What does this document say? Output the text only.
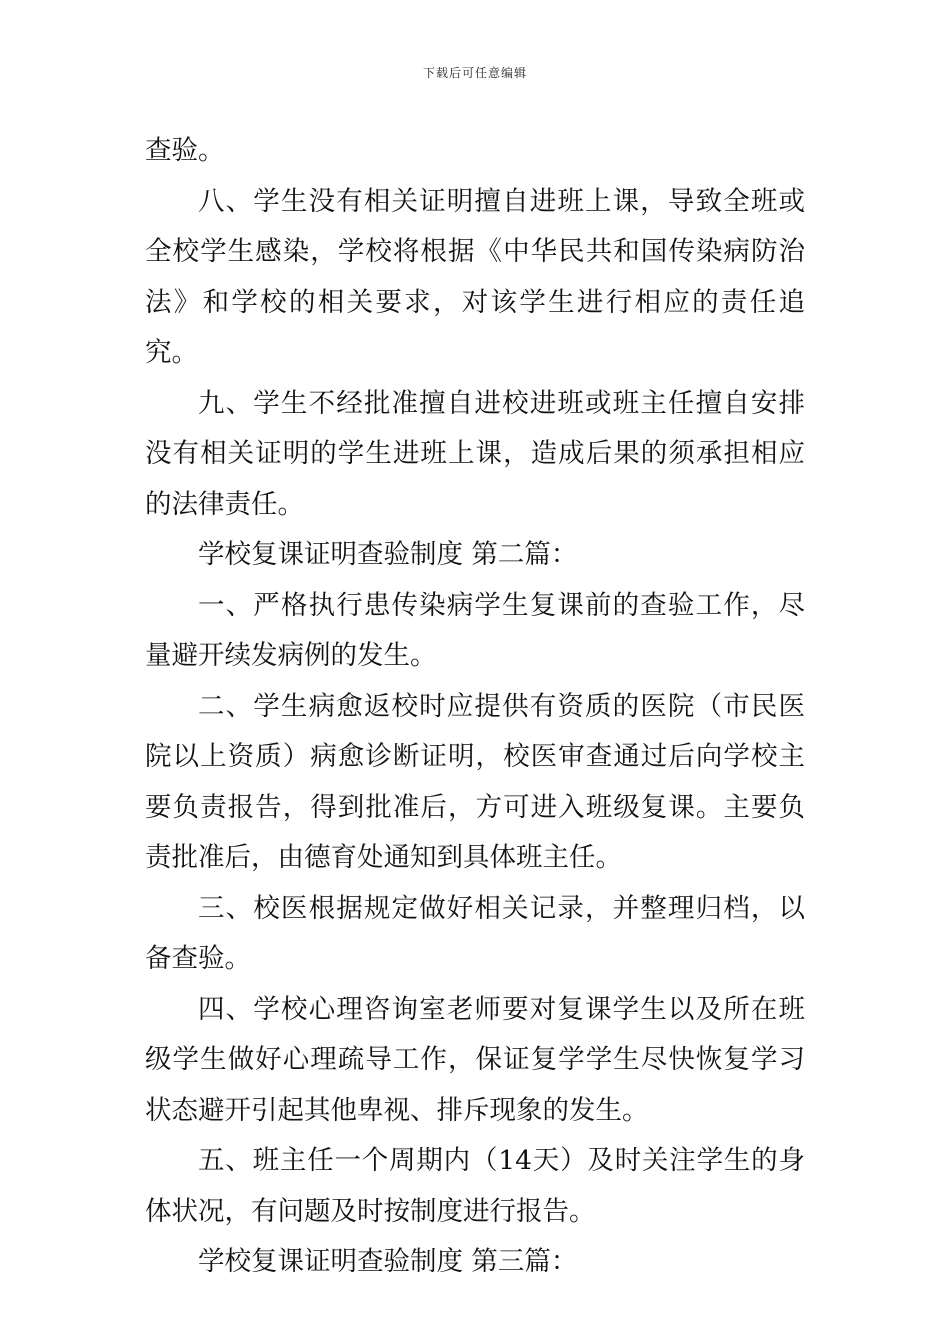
下载后可任意编辑

查验。

八、学生没有相关证明擅自进班上课，导致全班或全校学生感染，学校将根据《中华民共和国传染病防治法》和学校的相关要求，对该学生进行相应的责任追究。

九、学生不经批准擅自进校进班或班主任擅自安排没有相关证明的学生进班上课，造成后果的须承担相应的法律责任。

学校复课证明查验制度 第二篇：

一、严格执行患传染病学生复课前的查验工作，尽量避开续发病例的发生。

二、学生病愈返校时应提供有资质的医院（市民医院以上资质）病愈诊断证明，校医审查通过后向学校主要负责报告，得到批准后，方可进入班级复课。主要负责批准后，由德育处通知到具体班主任。

三、校医根据规定做好相关记录，并整理归档，以备查验。

四、学校心理咨询室老师要对复课学生以及所在班级学生做好心理疏导工作，保证复学学生尽快恢复学习状态避开引起其他卑视、排斥现象的发生。

五、班主任一个周期内（14天）及时关注学生的身体状况，有问题及时按制度进行报告。

学校复课证明查验制度 第三篇：
